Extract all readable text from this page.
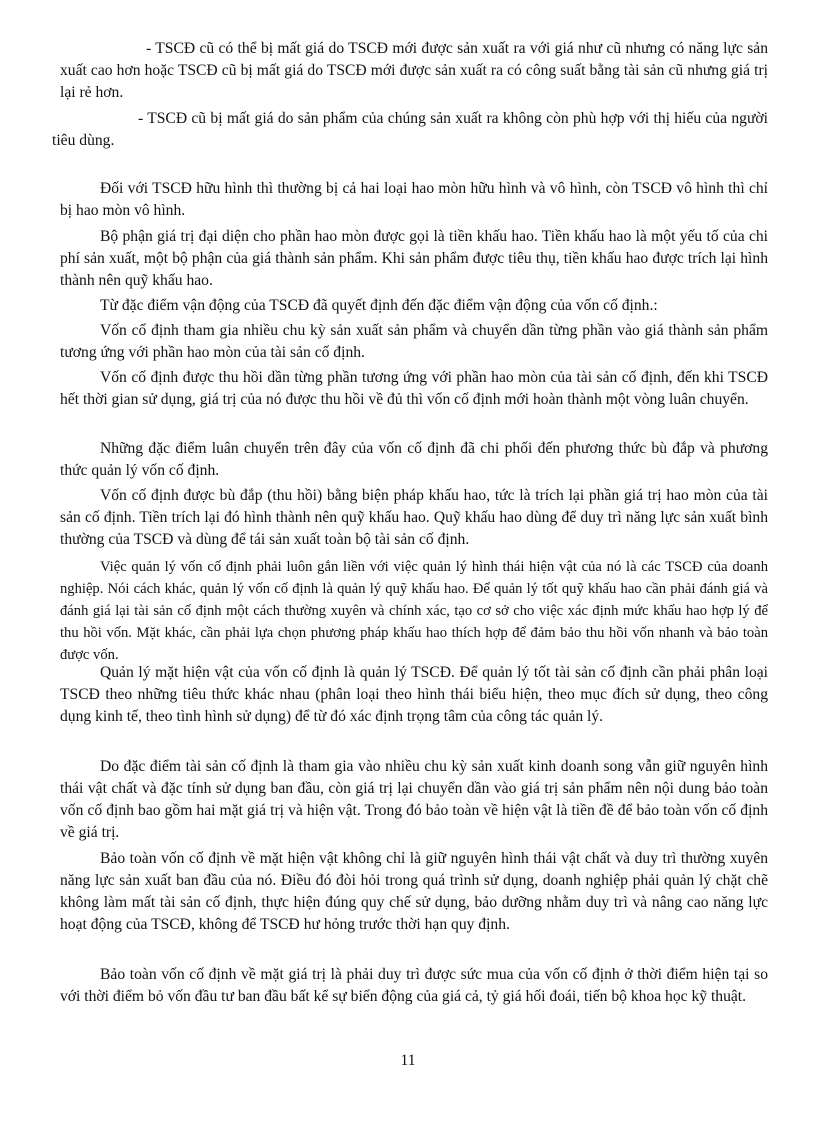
- TSCĐ cũ có thể bị mất giá do TSCĐ mới được sản xuất ra với giá như cũ nhưng có năng lực sản xuất cao hơn hoặc TSCĐ cũ bị mất giá do TSCĐ mới được sản xuất ra có công suất bằng tài sản cũ nhưng giá trị lại rẻ hơn.

- TSCĐ cũ bị mất giá do sản phẩm của chúng sản xuất ra không còn phù hợp với thị hiếu của người tiêu dùng.

Đối với TSCĐ hữu hình thì thường bị cả hai loại hao mòn hữu hình và vô hình, còn TSCĐ vô hình thì chỉ bị hao mòn vô hình.

Bộ phận giá trị đại diện cho phần hao mòn được gọi là tiền khấu hao. Tiền khấu hao là một yếu tố của chi phí sản xuất, một bộ phận của giá thành sản phẩm. Khi sản phẩm được tiêu thụ, tiền khấu hao được trích lại hình thành nên quỹ khấu hao.

Từ đặc điểm vận động của TSCĐ đã quyết định đến đặc điểm vận động của vốn cố định.:

Vốn cố định tham gia nhiều chu kỳ sản xuất sản phẩm và chuyển dần từng phần vào giá thành sản phẩm tương ứng với phần hao mòn của tài sản cố định.

Vốn cố định được thu hồi dần từng phần tương ứng với phần hao mòn của tài sản cố định, đến khi TSCĐ hết thời gian sử dụng, giá trị của nó được thu hồi về đủ thì vốn cố định mới hoàn thành một vòng luân chuyển.

Những đặc điểm luân chuyển trên đây của vốn cố định đã chi phối đến phương thức bù đắp và phương thức quản lý vốn cố định.

Vốn cố định được bù đắp (thu hồi) bằng biện pháp khấu hao, tức là trích lại phần giá trị hao mòn của tài sản cố định. Tiền trích lại đó hình thành nên quỹ khấu hao. Quỹ khấu hao dùng để duy trì năng lực sản xuất bình thường của TSCĐ và dùng để tái sản xuất toàn bộ tài sản cố định.

Việc quản lý vốn cố định phải luôn gắn liền với việc quản lý hình thái hiện vật của nó là các TSCĐ của doanh nghiệp. Nói cách khác, quản lý vốn cố định là quản lý quỹ khấu hao. Để quản lý tốt quỹ khấu hao cần phải đánh giá và đánh giá lại tài sản cố định một cách thường xuyên và chính xác, tạo cơ sở cho việc xác định mức khấu hao hợp lý để thu hồi vốn. Mặt khác, cần phải lựa chọn phương pháp khấu hao thích hợp để đảm bảo thu hồi vốn nhanh và bảo toàn được vốn.

Quản lý mặt hiện vật của vốn cố định là quản lý TSCĐ. Để quản lý tốt tài sản cố định cần phải phân loại TSCĐ theo những tiêu thức khác nhau (phân loại theo hình thái biểu hiện, theo mục đích sử dụng, theo công dụng kinh tế, theo tình hình sử dụng) để từ đó xác định trọng tâm của công tác quản lý.

Do đặc điểm tài sản cố định là tham gia vào nhiều chu kỳ sản xuất kinh doanh song vẫn giữ nguyên hình thái vật chất và đặc tính sử dụng ban đầu, còn giá trị lại chuyển dần vào giá trị sản phẩm nên nội dung bảo toàn vốn cố định bao gồm hai mặt giá trị và hiện vật. Trong đó bảo toàn về hiện vật là tiền đề để bảo toàn vốn cố định về giá trị.

Bảo toàn vốn cố định về mặt hiện vật không chỉ là giữ nguyên hình thái vật chất và duy trì thường xuyên năng lực sản xuất ban đầu của nó. Điều đó đòi hỏi trong quá trình sử dụng, doanh nghiệp phải quản lý chặt chẽ không làm mất tài sản cố định, thực hiện đúng quy chế sử dụng, bảo dưỡng nhằm duy trì và nâng cao năng lực hoạt động của TSCĐ, không để TSCĐ hư hỏng trước thời hạn quy định.

Bảo toàn vốn cố định về mặt giá trị là phải duy trì được sức mua của vốn cố định ở thời điểm hiện tại so với thời điểm bỏ vốn đầu tư ban đầu bất kể sự biến động của giá cả, tỷ giá hối đoái, tiến bộ khoa học kỹ thuật.

11
